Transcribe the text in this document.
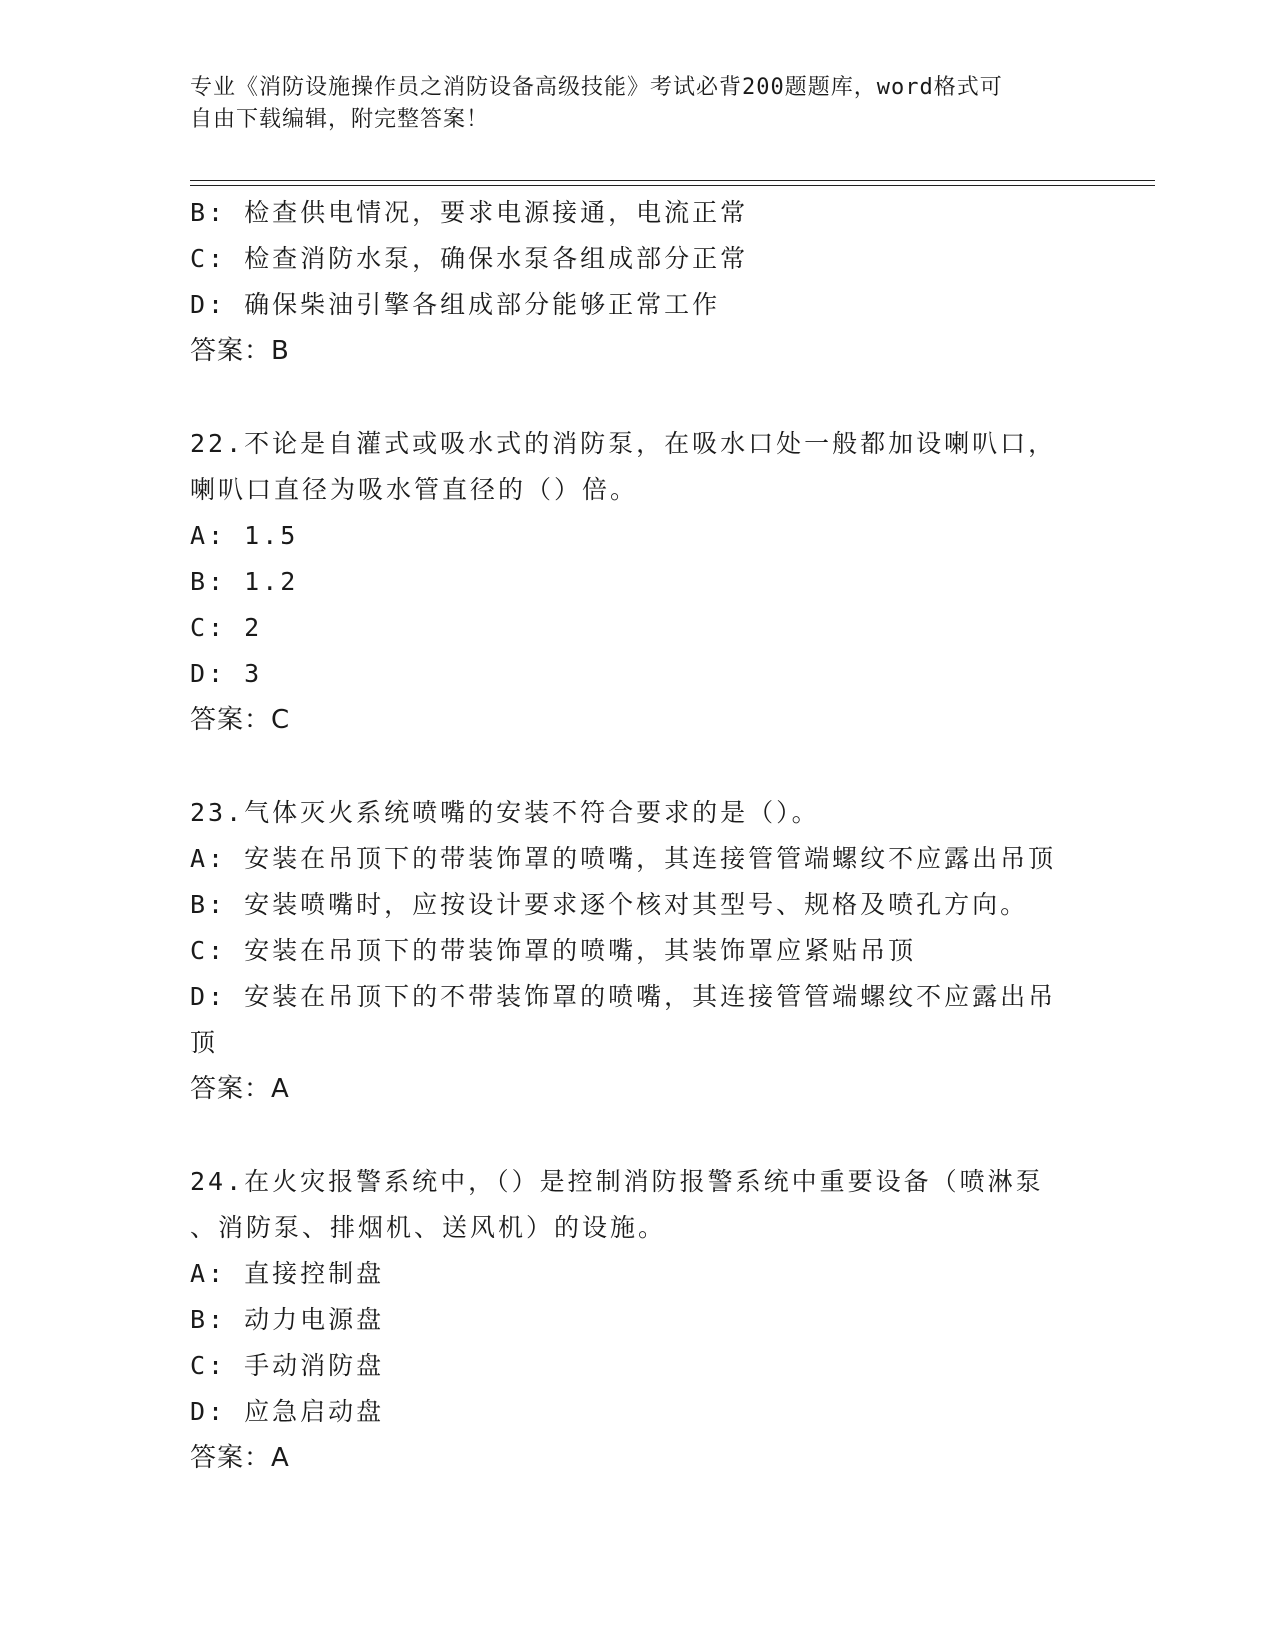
专业《消防设施操作员之消防设备高级技能》考试必背200题题库，word格式可
自由下载编辑，附完整答案！
B: 检查供电情况，要求电源接通，电流正常
C: 检查消防水泵，确保水泵各组成部分正常
D: 确保柴油引擎各组成部分能够正常工作
答案：B
22.不论是自灌式或吸水式的消防泵，在吸水口处一般都加设喇叭口，
喇叭口直径为吸水管直径的（）倍。
A: 1.5
B: 1.2
C: 2
D: 3
答案：C
23.气体灭火系统喷嘴的安装不符合要求的是（）。
A: 安装在吊顶下的带装饰罩的喷嘴，其连接管管端螺纹不应露出吊顶
B: 安装喷嘴时，应按设计要求逐个核对其型号、规格及喷孔方向。
C: 安装在吊顶下的带装饰罩的喷嘴，其装饰罩应紧贴吊顶
D: 安装在吊顶下的不带装饰罩的喷嘴，其连接管管端螺纹不应露出吊
顶
答案：A
24.在火灾报警系统中，（）是控制消防报警系统中重要设备（喷淋泵
、消防泵、排烟机、送风机）的设施。
A: 直接控制盘
B: 动力电源盘
C: 手动消防盘
D: 应急启动盘
答案：A
